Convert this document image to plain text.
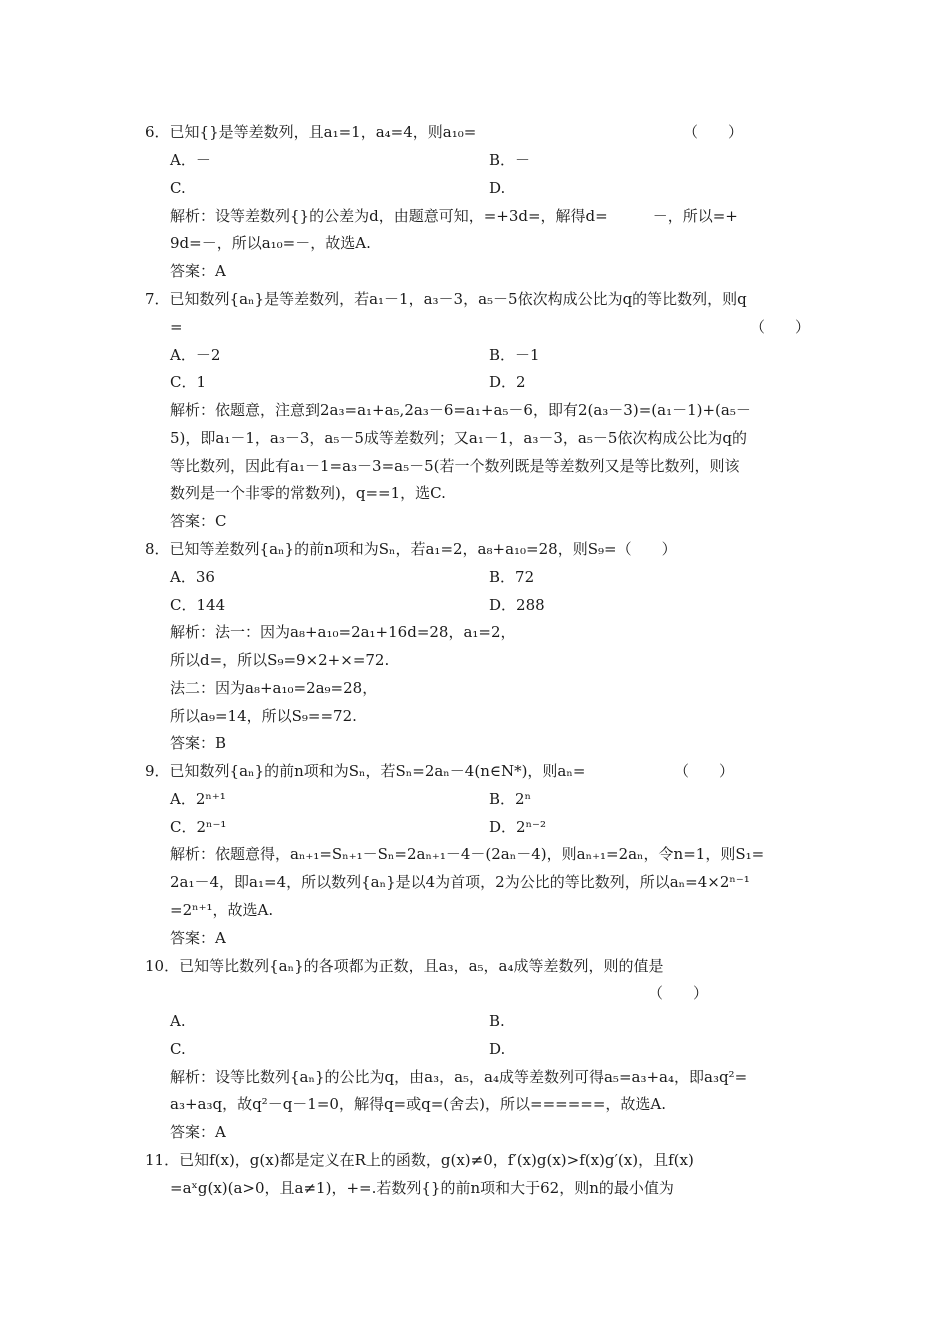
6．已知{}是等差数列，且a₁=1，a₄=4，则a₁₀=	（　　）
A．－	B．－
C.	D.
解析：设等差数列{}的公差为d，由题意可知，=+3d=，解得d=　　　－，所以=+
9d=－，所以a₁₀=－，故选A.
答案：A
7．已知数列{aₙ}是等差数列，若a₁－1，a₃－3，a₅－5依次构成公比为q的等比数列，则q
=	（　　）
A．－2	B．－1
C．1	D．2
解析：依题意，注意到2a₃=a₁+a₅,2a₃－6=a₁+a₅－6，即有2(a₃－3)=(a₁－1)+(a₅－
5)，即a₁－1，a₃－3，a₅－5成等差数列；又a₁－1，a₃－3，a₅－5依次构成公比为q的
等比数列，因此有a₁－1=a₃－3=a₅－5(若一个数列既是等差数列又是等比数列，则该
数列是一个非零的常数列)，q==1，选C.
答案：C
8．已知等差数列{aₙ}的前n项和为Sₙ，若a₁=2，a₈+a₁₀=28，则S₉=（　　）
A．36	B．72
C．144	D．288
解析：法一：因为a₈+a₁₀=2a₁+16d=28，a₁=2，
所以d=，所以S₉=9×2+×=72.
法二：因为a₈+a₁₀=2a₉=28，
所以a₉=14，所以S₉==72.
答案：B
9．已知数列{aₙ}的前n项和为Sₙ，若Sₙ=2aₙ－4(n∈N*)，则aₙ=	（　　）
A．2ⁿ⁺¹	B．2ⁿ
C．2ⁿ⁻¹	D．2ⁿ⁻²
解析：依题意得，aₙ₊₁=Sₙ₊₁－Sₙ=2aₙ₊₁－4－(2aₙ－4)，则aₙ₊₁=2aₙ，令n=1，则S₁=
2a₁－4，即a₁=4，所以数列{aₙ}是以4为首项，2为公比的等比数列，所以aₙ=4×2ⁿ⁻¹
=2ⁿ⁺¹，故选A.
答案：A
10．已知等比数列{aₙ}的各项都为正数，且a₃，a₅，a₄成等差数列，则的值是
（　　）
A.	B.
C.	D.
解析：设等比数列{aₙ}的公比为q，由a₃，a₅，a₄成等差数列可得a₅=a₃+a₄，即a₃q²=
a₃+a₃q，故q²－q－1=0，解得q=或q=(舍去)，所以======，故选A.
答案：A
11．已知f(x)，g(x)都是定义在R上的函数，g(x)≠0，f′(x)g(x)>f(x)g′(x)，且f(x)
=aˣg(x)(a>0，且a≠1)，+=.若数列{}的前n项和大于62，则n的最小值为
